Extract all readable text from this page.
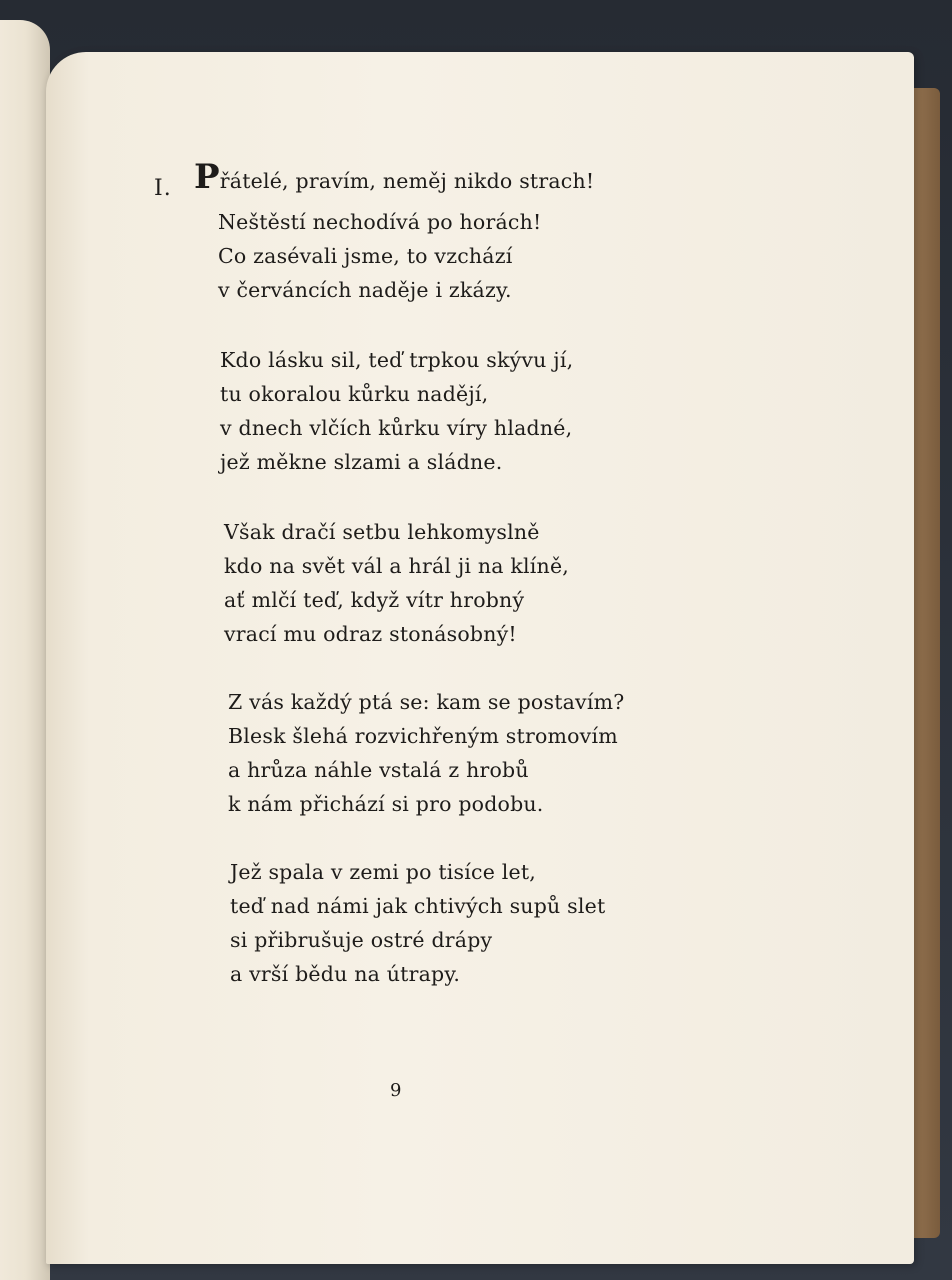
I. Přátelé, pravím, neměj nikdo strach!
Neštěstí nechodívá po horách!
Co zasévali jsme, to vzchází
v červáncích naděje i zkázy.
Kdo lásku sil, teď trpkou skývu jí,
tu okoralou kůrku nadějí,
v dnech vlčích kůrku víry hladné,
jež měkne slzami a sládne.
Však dračí setbu lehkomyslně
kdo na svět vál a hrál ji na klíně,
ať mlčí teď, když vítr hrobný
vrací mu odraz stonásobný!
Z vás každý ptá se: kam se postavím?
Blesk šlehá rozvichřeným stromovím
a hrůza náhle vstalá z hrobů
k nám přichází si pro podobu.
Jež spala v zemi po tisíce let,
teď nad námi jak chtivých supů slet
si přibrušuje ostré drápy
a vrší bědu na útrapy.
9
